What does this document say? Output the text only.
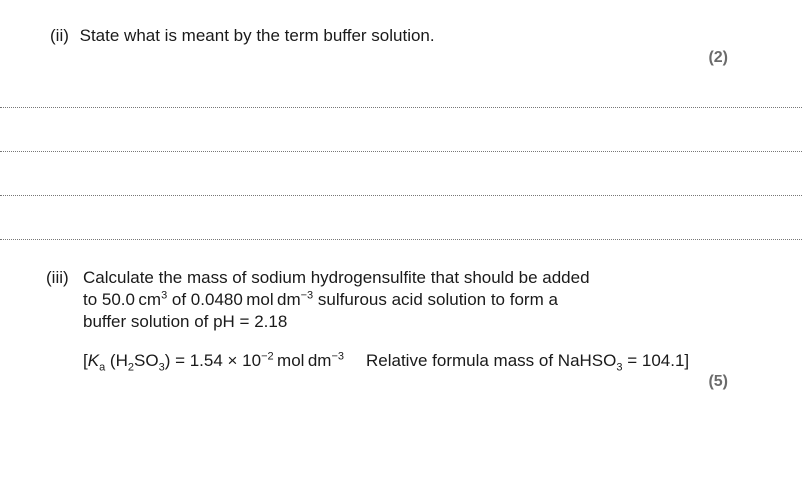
(ii) State what is meant by the term buffer solution.
(2)
(iii) Calculate the mass of sodium hydrogensulfite that should be added
to 50.0 $cm^3$ of 0.0480 mol $dm^{-3}$ sulfurous acid solution to form a
buffer solution of pH = 2.18
[$K_a$ $(H_2SO_3) = 1.54 \times 10^{-2}$ mol $dm^{-3}$ Relative formula mass of NaHSO$_3$ = 104.1]
(5)
